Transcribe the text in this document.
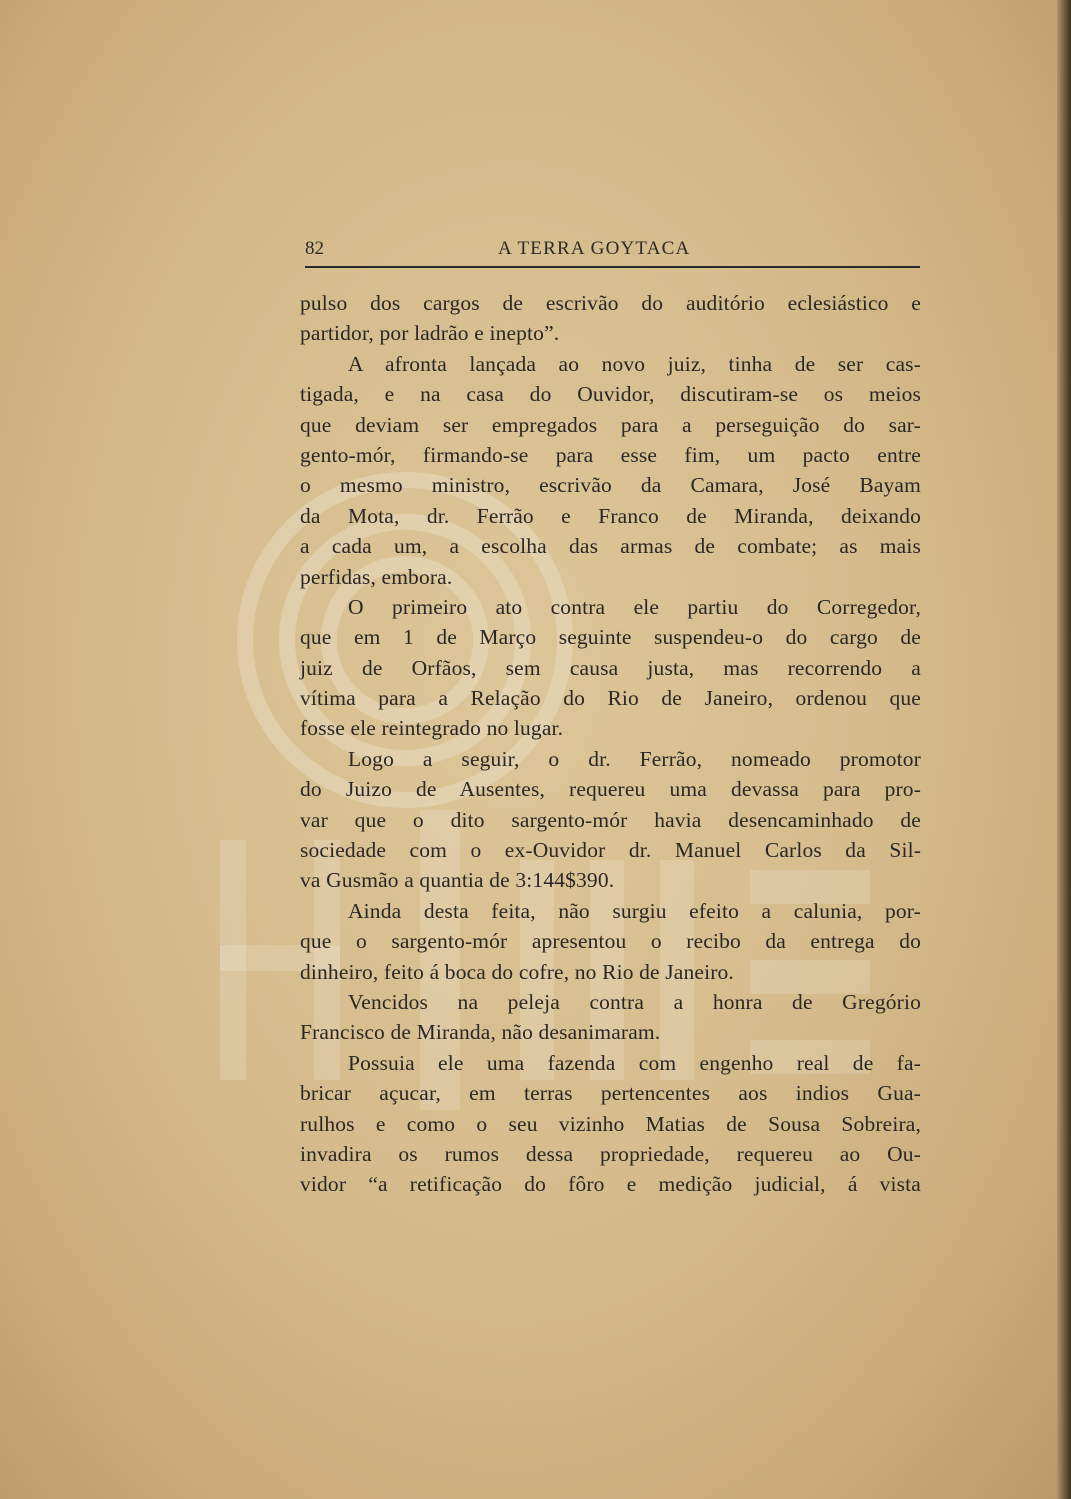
82	A TERRA GOYTACA
pulso dos cargos de escrivão do auditório eclesiástico e
partidor, por ladrão e inepto”.
A afronta lançada ao novo juiz, tinha de ser cas-
tigada, e na casa do Ouvidor, discutiram-se os meios
que deviam ser empregados para a perseguição do sar-
gento-mór, firmando-se para esse fim, um pacto entre
o mesmo ministro, escrivão da Camara, José Bayam
da Mota, dr. Ferrão e Franco de Miranda, deixando
a cada um, a escolha das armas de combate; as mais
perfidas, embora.
O primeiro ato contra ele partiu do Corregedor,
que em 1 de Março seguinte suspendeu-o do cargo de
juiz de Orfãos, sem causa justa, mas recorrendo a
vítima para a Relação do Rio de Janeiro, ordenou que
fosse ele reintegrado no lugar.
Logo a seguir, o dr. Ferrão, nomeado promotor
do Juizo de Ausentes, requereu uma devassa para pro-
var que o dito sargento-mór havia desencaminhado de
sociedade com o ex-Ouvidor dr. Manuel Carlos da Sil-
va Gusmão a quantia de 3:144$390.
Ainda desta feita, não surgiu efeito a calunia, por-
que o sargento-mór apresentou o recibo da entrega do
dinheiro, feito á boca do cofre, no Rio de Janeiro.
Vencidos na peleja contra a honra de Gregório
Francisco de Miranda, não desanimaram.
Possuia ele uma fazenda com engenho real de fa-
bricar açucar, em terras pertencentes aos indios Gua-
rulhos e como o seu vizinho Matias de Sousa Sobreira,
invadira os rumos dessa propriedade, requereu ao Ou-
vidor “a retificação do fôro e medição judicial, á vista
